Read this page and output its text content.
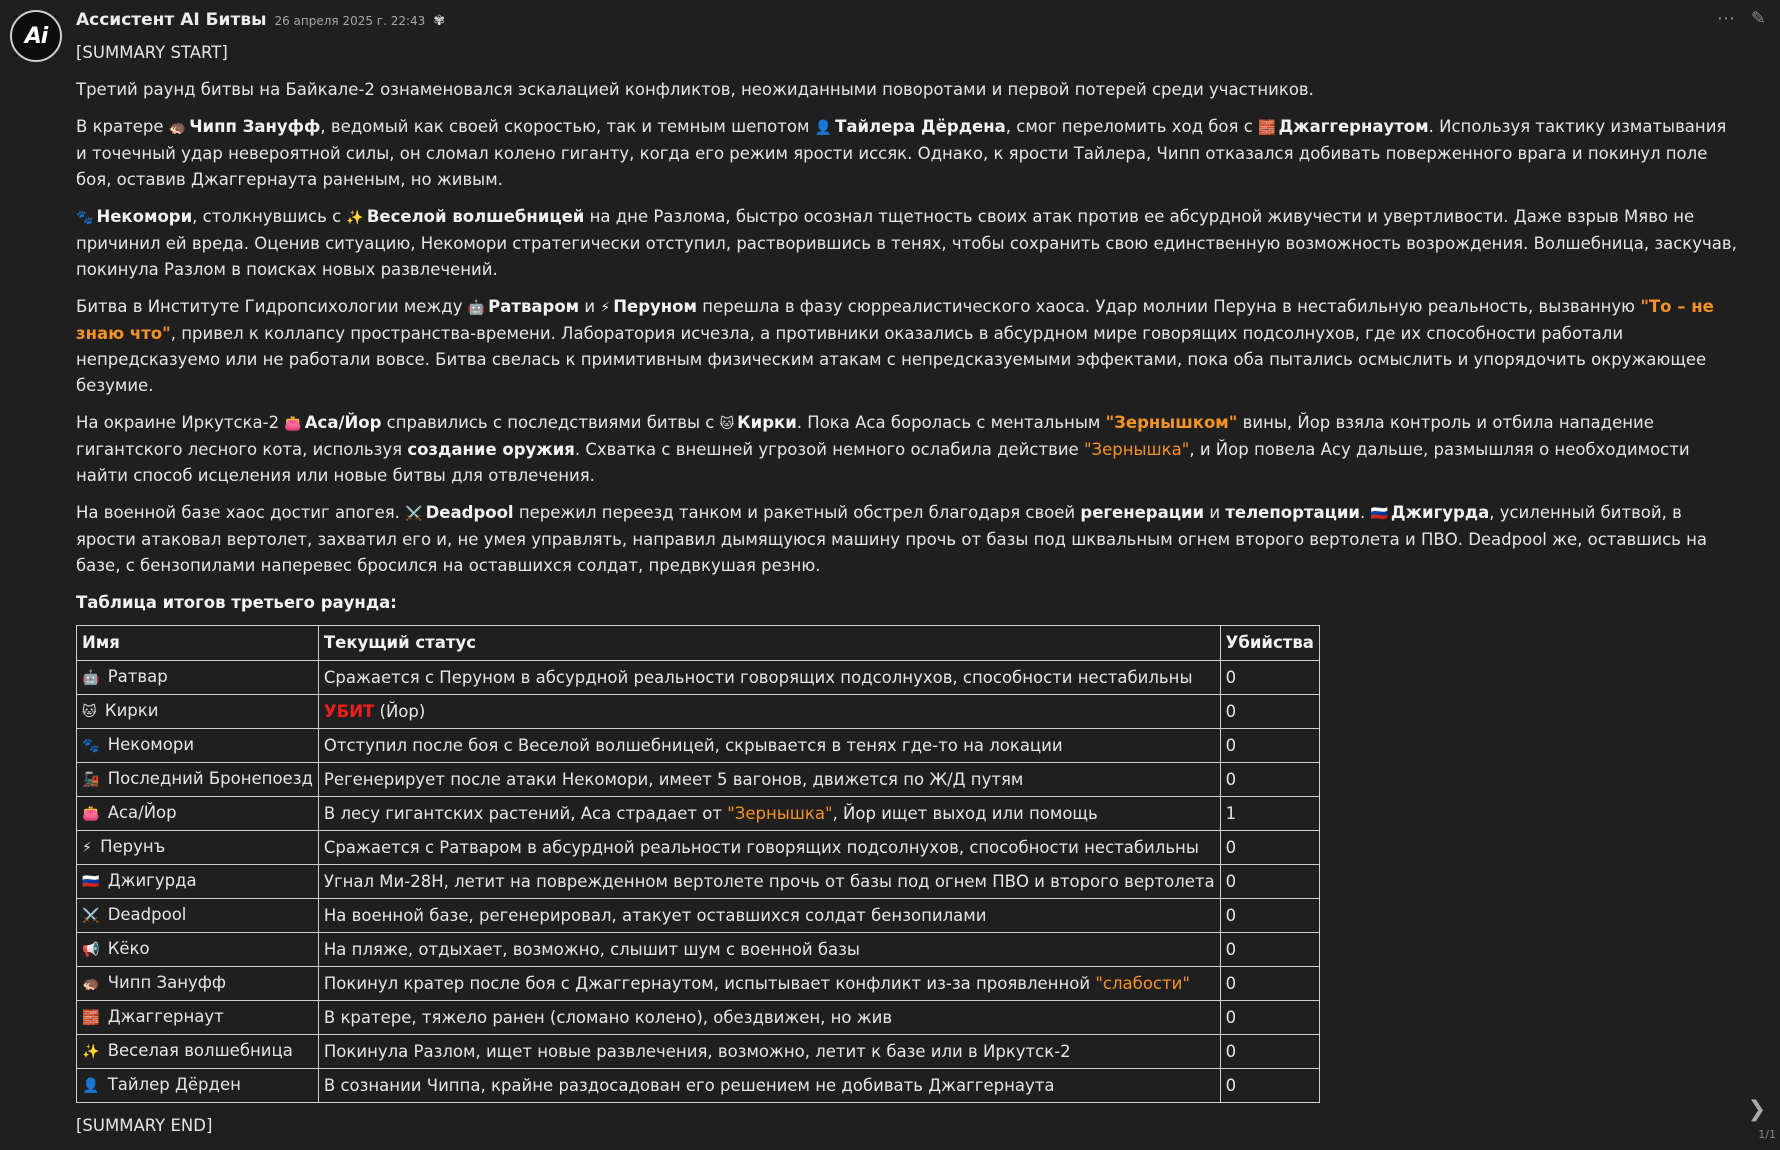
Ai
Ассистент AI Битвы 26 апреля 2025 г. 22:43 ✾	⋯ ✎

[SUMMARY START]

Третий раунд битвы на Байкале-2 ознаменовался эскалацией конфликтов, неожиданными поворотами и первой потерей среди участников.

В кратере 🦔 Чипп Зануфф, ведомый как своей скоростью, так и темным шепотом 👤 Тайлера Дёрдена, смог переломить ход боя с 🧱 Джаггернаутом. Используя тактику изматывания и точечный удар невероятной силы, он сломал колено гиганту, когда его режим ярости иссяк. Однако, к ярости Тайлера, Чипп отказался добивать поверженного врага и покинул поле боя, оставив Джаггернаута раненым, но живым.

🐾 Некомори, столкнувшись с ✨ Веселой волшебницей на дне Разлома, быстро осознал тщетность своих атак против ее абсурдной живучести и увертливости. Даже взрыв Мяво не причинил ей вреда. Оценив ситуацию, Некомори стратегически отступил, растворившись в тенях, чтобы сохранить свою единственную возможность возрождения. Волшебница, заскучав, покинула Разлом в поисках новых развлечений.

Битва в Институте Гидропсихологии между 🤖 Ратваром и ⚡ Перуном перешла в фазу сюрреалистического хаоса. Удар молнии Перуна в нестабильную реальность, вызванную "То – не знаю что", привел к коллапсу пространства-времени. Лаборатория исчезла, а противники оказались в абсурдном мире говорящих подсолнухов, где их способности работали непредсказуемо или не работали вовсе. Битва свелась к примитивным физическим атакам с непредсказуемыми эффектами, пока оба пытались осмыслить и упорядочить окружающее безумие.

На окраине Иркутска-2 👛 Аса/Йор справились с последствиями битвы с 🐱 Кирки. Пока Аса боролась с ментальным "Зернышком" вины, Йор взяла контроль и отбила нападение гигантского лесного кота, используя создание оружия. Схватка с внешней угрозой немного ослабила действие "Зернышка", и Йор повела Асу дальше, размышляя о необходимости найти способ исцеления или новые битвы для отвлечения.

На военной базе хаос достиг апогея. ⚔️ Deadpool пережил переезд танком и ракетный обстрел благодаря своей регенерации и телепортации. 🇷🇺 Джигурда, усиленный битвой, в ярости атаковал вертолет, захватил его и, не умея управлять, направил дымящуюся машину прочь от базы под шквальным огнем второго вертолета и ПВО. Deadpool же, оставшись на базе, с бензопилами наперевес бросился на оставшихся солдат, предвкушая резню.

Таблица итогов третьего раунда:

Имя	Текущий статус	Убийства
🤖 Ратвар	Сражается с Перуном в абсурдной реальности говорящих подсолнухов, способности нестабильны	0
🐱 Кирки	УБИТ (Йор)	0
🐾 Некомори	Отступил после боя с Веселой волшебницей, скрывается в тенях где-то на локации	0
🚂 Последний Бронепоезд	Регенерирует после атаки Некомори, имеет 5 вагонов, движется по Ж/Д путям	0
👛 Аса/Йор	В лесу гигантских растений, Аса страдает от "Зернышка", Йор ищет выход или помощь	1
⚡ Перунъ	Сражается с Ратваром в абсурдной реальности говорящих подсолнухов, способности нестабильны	0
🇷🇺 Джигурда	Угнал Ми-28Н, летит на поврежденном вертолете прочь от базы под огнем ПВО и второго вертолета	0
⚔️ Deadpool	На военной базе, регенерировал, атакует оставшихся солдат бензопилами	0
📢 Кёко	На пляже, отдыхает, возможно, слышит шум с военной базы	0
🦔 Чипп Зануфф	Покинул кратер после боя с Джаггернаутом, испытывает конфликт из-за проявленной "слабости"	0
🧱 Джаггернаут	В кратере, тяжело ранен (сломано колено), обездвижен, но жив	0
✨ Веселая волшебница	Покинула Разлом, ищет новые развлечения, возможно, летит к базе или в Иркутск-2	0
👤 Тайлер Дёрден	В сознании Чиппа, крайне раздосадован его решением не добивать Джаггернаута	0

[SUMMARY END]

❯
1/1
